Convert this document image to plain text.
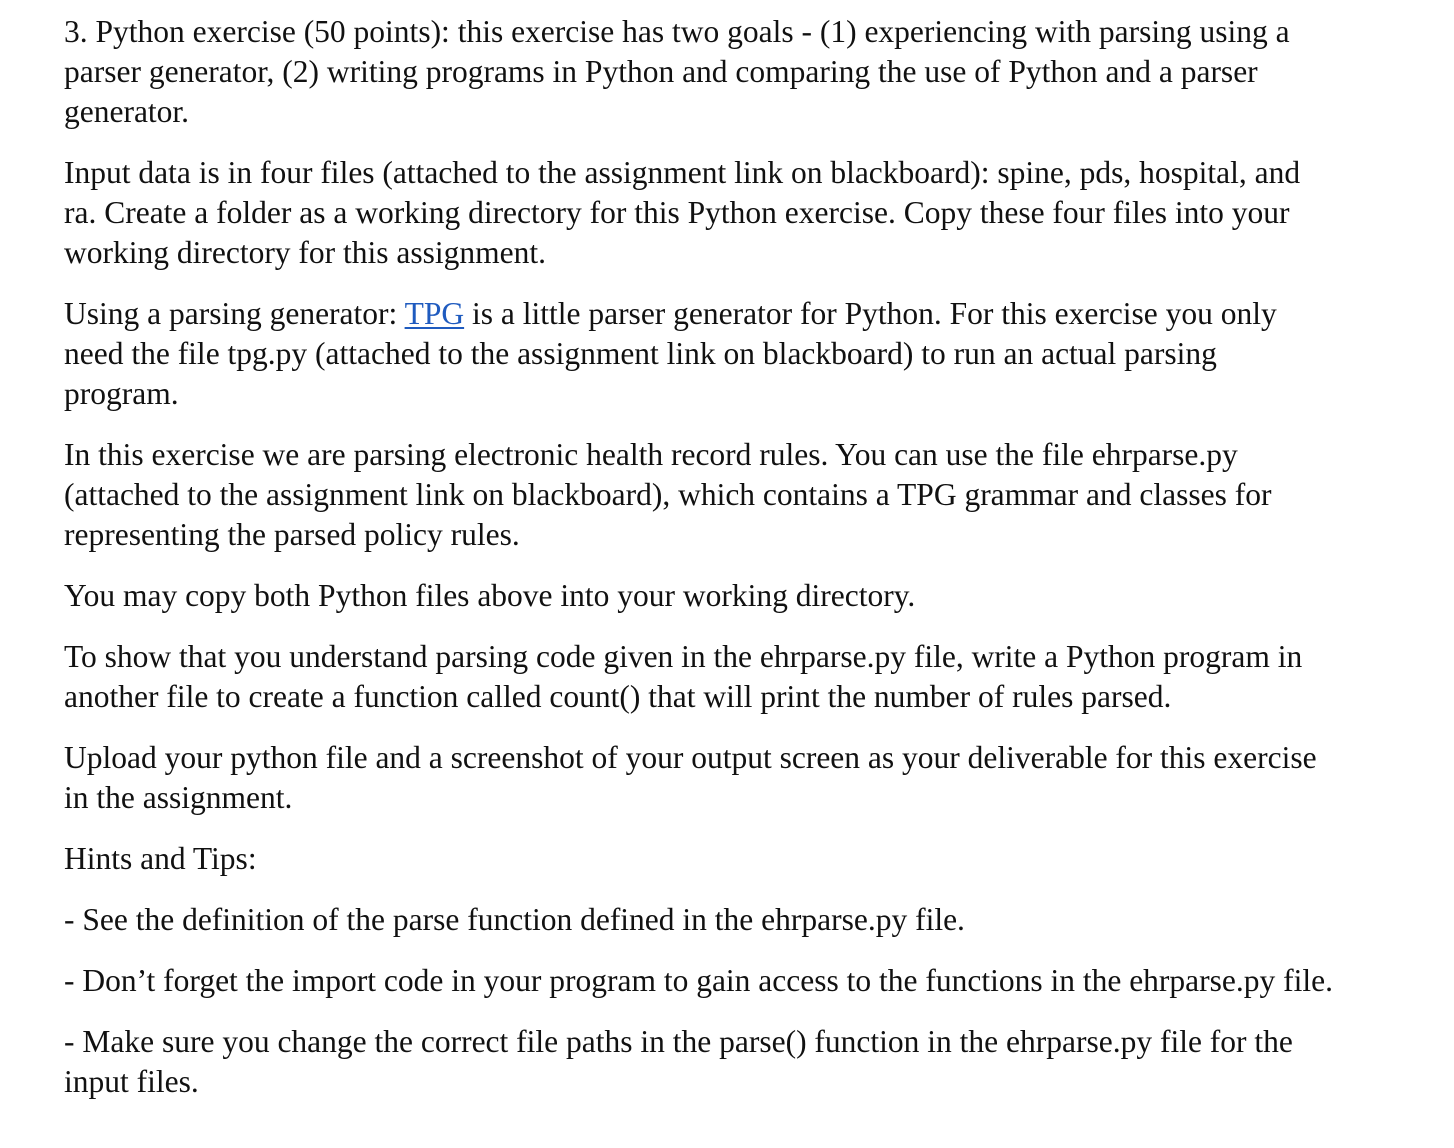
3. Python exercise (50 points): this exercise has two goals - (1) experiencing with parsing using a parser generator, (2) writing programs in Python and comparing the use of Python and a parser generator.

Input data is in four files (attached to the assignment link on blackboard): spine, pds, hospital, and ra. Create a folder as a working directory for this Python exercise. Copy these four files into your working directory for this assignment.

Using a parsing generator: TPG is a little parser generator for Python. For this exercise you only need the file tpg.py (attached to the assignment link on blackboard) to run an actual parsing program.

In this exercise we are parsing electronic health record rules. You can use the file ehrparse.py (attached to the assignment link on blackboard), which contains a TPG grammar and classes for representing the parsed policy rules.

You may copy both Python files above into your working directory.

To show that you understand parsing code given in the ehrparse.py file, write a Python program in another file to create a function called count() that will print the number of rules parsed.

Upload your python file and a screenshot of your output screen as your deliverable for this exercise in the assignment.

Hints and Tips:

- See the definition of the parse function defined in the ehrparse.py file.

- Don’t forget the import code in your program to gain access to the functions in the ehrparse.py file.

- Make sure you change the correct file paths in the parse() function in the ehrparse.py file for the input files.
